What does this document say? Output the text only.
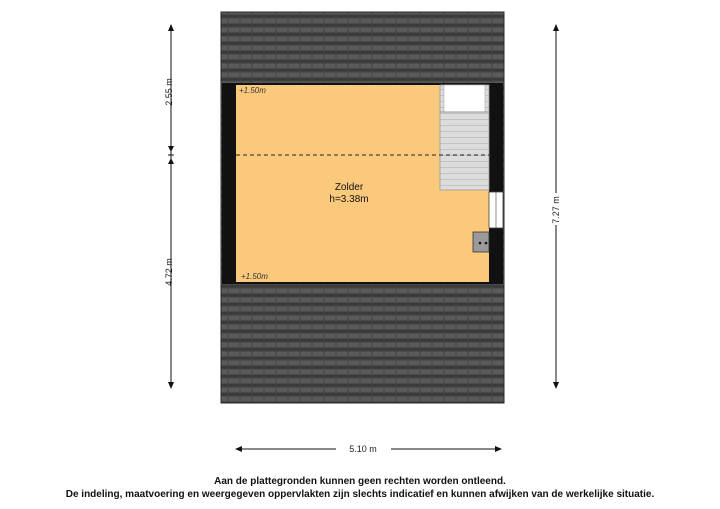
+1.50m
+1.50m
Zolder
h=3.38m
2.55 m
4.72 m
7.27 m
5.10 m
Aan de plattegronden kunnen geen rechten worden ontleend.
De indeling, maatvoering en weergegeven oppervlakten zijn slechts indicatief en kunnen afwijken van de werkelijke situatie.
